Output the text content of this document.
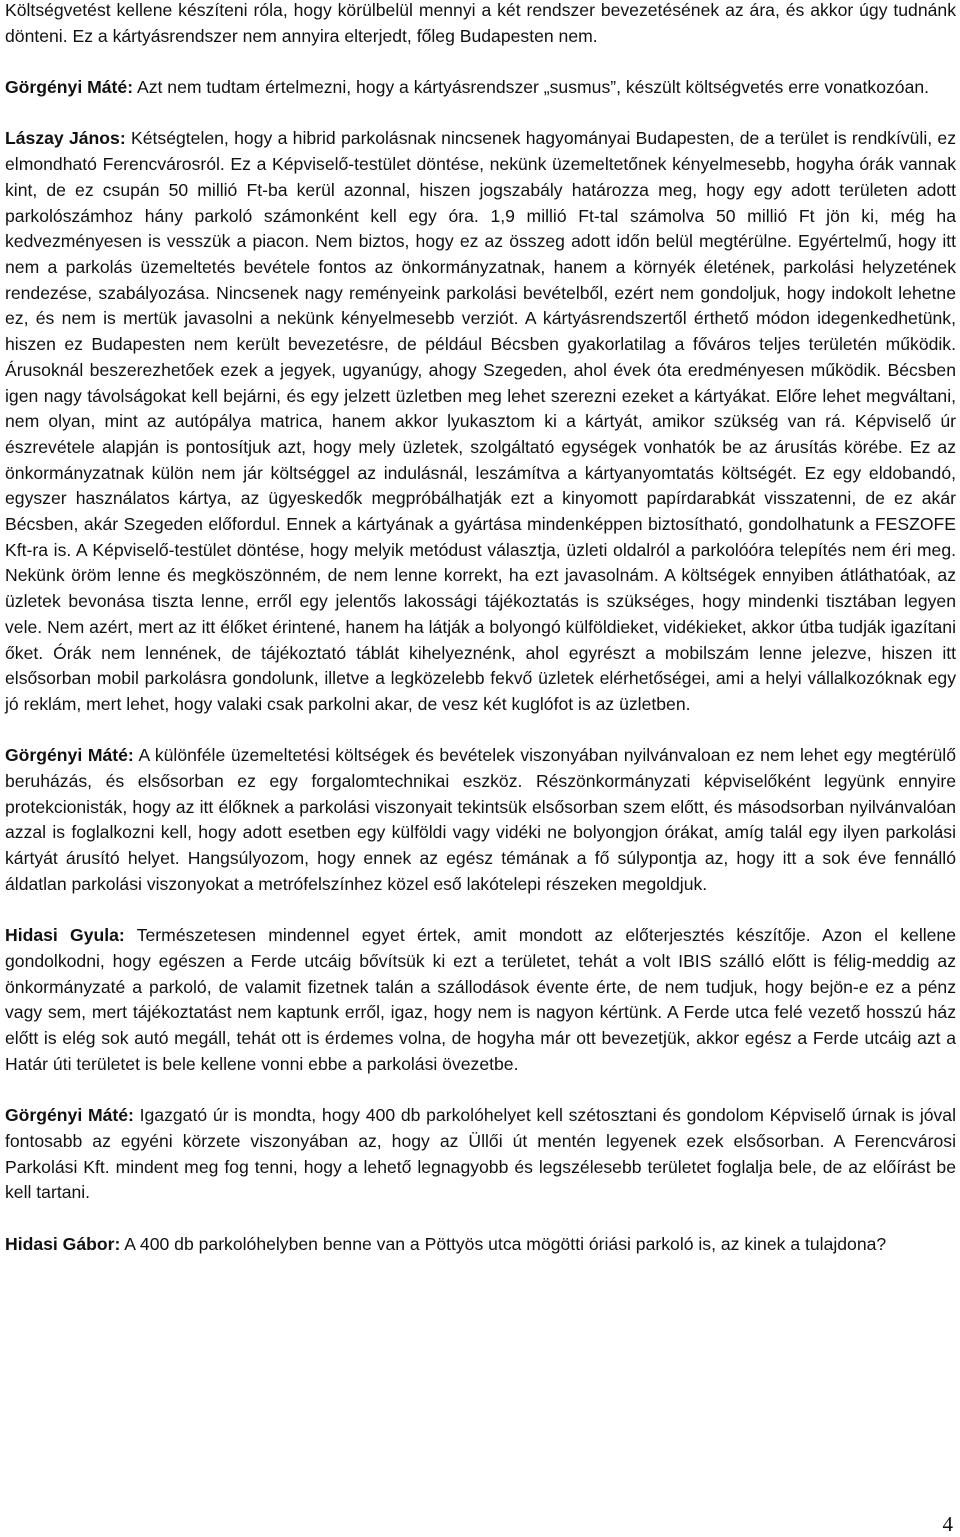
Költségvetést kellene készíteni róla, hogy körülbelül mennyi a két rendszer bevezetésének az ára, és akkor úgy tudnánk dönteni. Ez a kártyásrendszer nem annyira elterjedt, főleg Budapesten nem.

Görgényi Máté: Azt nem tudtam értelmezni, hogy a kártyásrendszer „susmus”, készült költségvetés erre vonatkozóan.

Lászay János: Kétségtelen, hogy a hibrid parkolásnak nincsenek hagyományai Budapesten, de a terület is rendkívüli, ez elmondható Ferencvárosról. Ez a Képviselő-testület döntése, nekünk üzemeltetőnek kényelmesebb, hogyha órák vannak kint, de ez csupán 50 millió Ft-ba kerül azonnal, hiszen jogszabály határozza meg, hogy egy adott területen adott parkolószámhoz hány parkoló számonként kell egy óra. 1,9 millió Ft-tal számolva 50 millió Ft jön ki, még ha kedvezményesen is vesszük a piacon. Nem biztos, hogy ez az összeg adott időn belül megtérülne. Egyértelmű, hogy itt nem a parkolás üzemeltetés bevétele fontos az önkormányzatnak, hanem a környék életének, parkolási helyzetének rendezése, szabályozása. Nincsenek nagy reményeink parkolási bevételből, ezért nem gondoljuk, hogy indokolt lehetne ez, és nem is mertük javasolni a nekünk kényelmesebb verziót. A kártyásrendszertől érthető módon idegenkedhetünk, hiszen ez Budapesten nem került bevezetésre, de például Bécsben gyakorlatilag a főváros teljes területén működik. Árusoknál beszerezhetőek ezek a jegyek, ugyanúgy, ahogy Szegeden, ahol évek óta eredményesen működik. Bécsben igen nagy távolságokat kell bejárni, és egy jelzett üzletben meg lehet szerezni ezeket a kártyákat. Előre lehet megváltani, nem olyan, mint az autópálya matrica, hanem akkor lyukasztom ki a kártyát, amikor szükség van rá. Képviselő úr észrevétele alapján is pontosítjuk azt, hogy mely üzletek, szolgáltató egységek vonhatók be az árusítás körébe. Ez az önkormányzatnak külön nem jár költséggel az indulásnál, leszámítva a kártyanyomtatás költségét. Ez egy eldobandó, egyszer használatos kártya, az ügyeskedők megpróbálhatják ezt a kinyomott papírdarabkát visszatenni, de ez akár Bécsben, akár Szegeden előfordul. Ennek a kártyának a gyártása mindenképpen biztosítható, gondolhatunk a FESZOFE Kft-ra is. A Képviselő-testület döntése, hogy melyik metódust választja, üzleti oldalról a parkolóóra telepítés nem éri meg. Nekünk öröm lenne és megköszönném, de nem lenne korrekt, ha ezt javasolnám. A költségek ennyiben átláthatóak, az üzletek bevonása tiszta lenne, erről egy jelentős lakossági tájékoztatás is szükséges, hogy mindenki tisztában legyen vele. Nem azért, mert az itt élőket érintené, hanem ha látják a bolyongó külföldieket, vidékieket, akkor útba tudják igazítani őket. Órák nem lennének, de tájékoztató táblát kihelyeznénk, ahol egyrészt a mobilszám lenne jelezve, hiszen itt elsősorban mobil parkolásra gondolunk, illetve a legközelebb fekvő üzletek elérhetőségei, ami a helyi vállalkozóknak egy jó reklám, mert lehet, hogy valaki csak parkolni akar, de vesz két kuglófot is az üzletben.

Görgényi Máté: A különféle üzemeltetési költségek és bevételek viszonyában nyilvánvaloan ez nem lehet egy megtérülő beruházás, és elsősorban ez egy forgalomtechnikai eszköz. Részönkormányzati képviselőként legyünk ennyire protekcionisták, hogy az itt élőknek a parkolási viszonyait tekintsük elsősorban szem előtt, és másodsorban nyilvánvalóan azzal is foglalkozni kell, hogy adott esetben egy külföldi vagy vidéki ne bolyongjon órákat, amíg talál egy ilyen parkolási kártyát árusító helyet. Hangsúlyozom, hogy ennek az egész témának a fő súlypontja az, hogy itt a sok éve fennálló áldatlan parkolási viszonyokat a metrófelszínhez közel eső lakótelepi részeken megoldjuk.

Hidasi Gyula: Természetesen mindennel egyet értek, amit mondott az előterjesztés készítője. Azon el kellene gondolkodni, hogy egészen a Ferde utcáig bővítsük ki ezt a területet, tehát a volt IBIS szálló előtt is félig-meddig az önkormányzaté a parkoló, de valamit fizetnek talán a szállodások évente érte, de nem tudjuk, hogy bejön-e ez a pénz vagy sem, mert tájékoztatást nem kaptunk erről, igaz, hogy nem is nagyon kértünk. A Ferde utca felé vezető hosszú ház előtt is elég sok autó megáll, tehát ott is érdemes volna, de hogyha már ott bevezetjük, akkor egész a Ferde utcáig azt a Határ úti területet is bele kellene vonni ebbe a parkolási övezetbe.

Görgényi Máté: Igazgató úr is mondta, hogy 400 db parkolóhelyet kell szétosztani és gondolom Képviselő úrnak is jóval fontosabb az egyéni körzete viszonyában az, hogy az Üllői út mentén legyenek ezek elsősorban. A Ferencvárosi Parkolási Kft. mindent meg fog tenni, hogy a lehető legnagyobb és legszélesebb területet foglalja bele, de az előírást be kell tartani.

Hidasi Gábor: A 400 db parkolóhelyben benne van a Pöttyös utca mögötti óriási parkoló is, az kinek a tulajdona?

4
